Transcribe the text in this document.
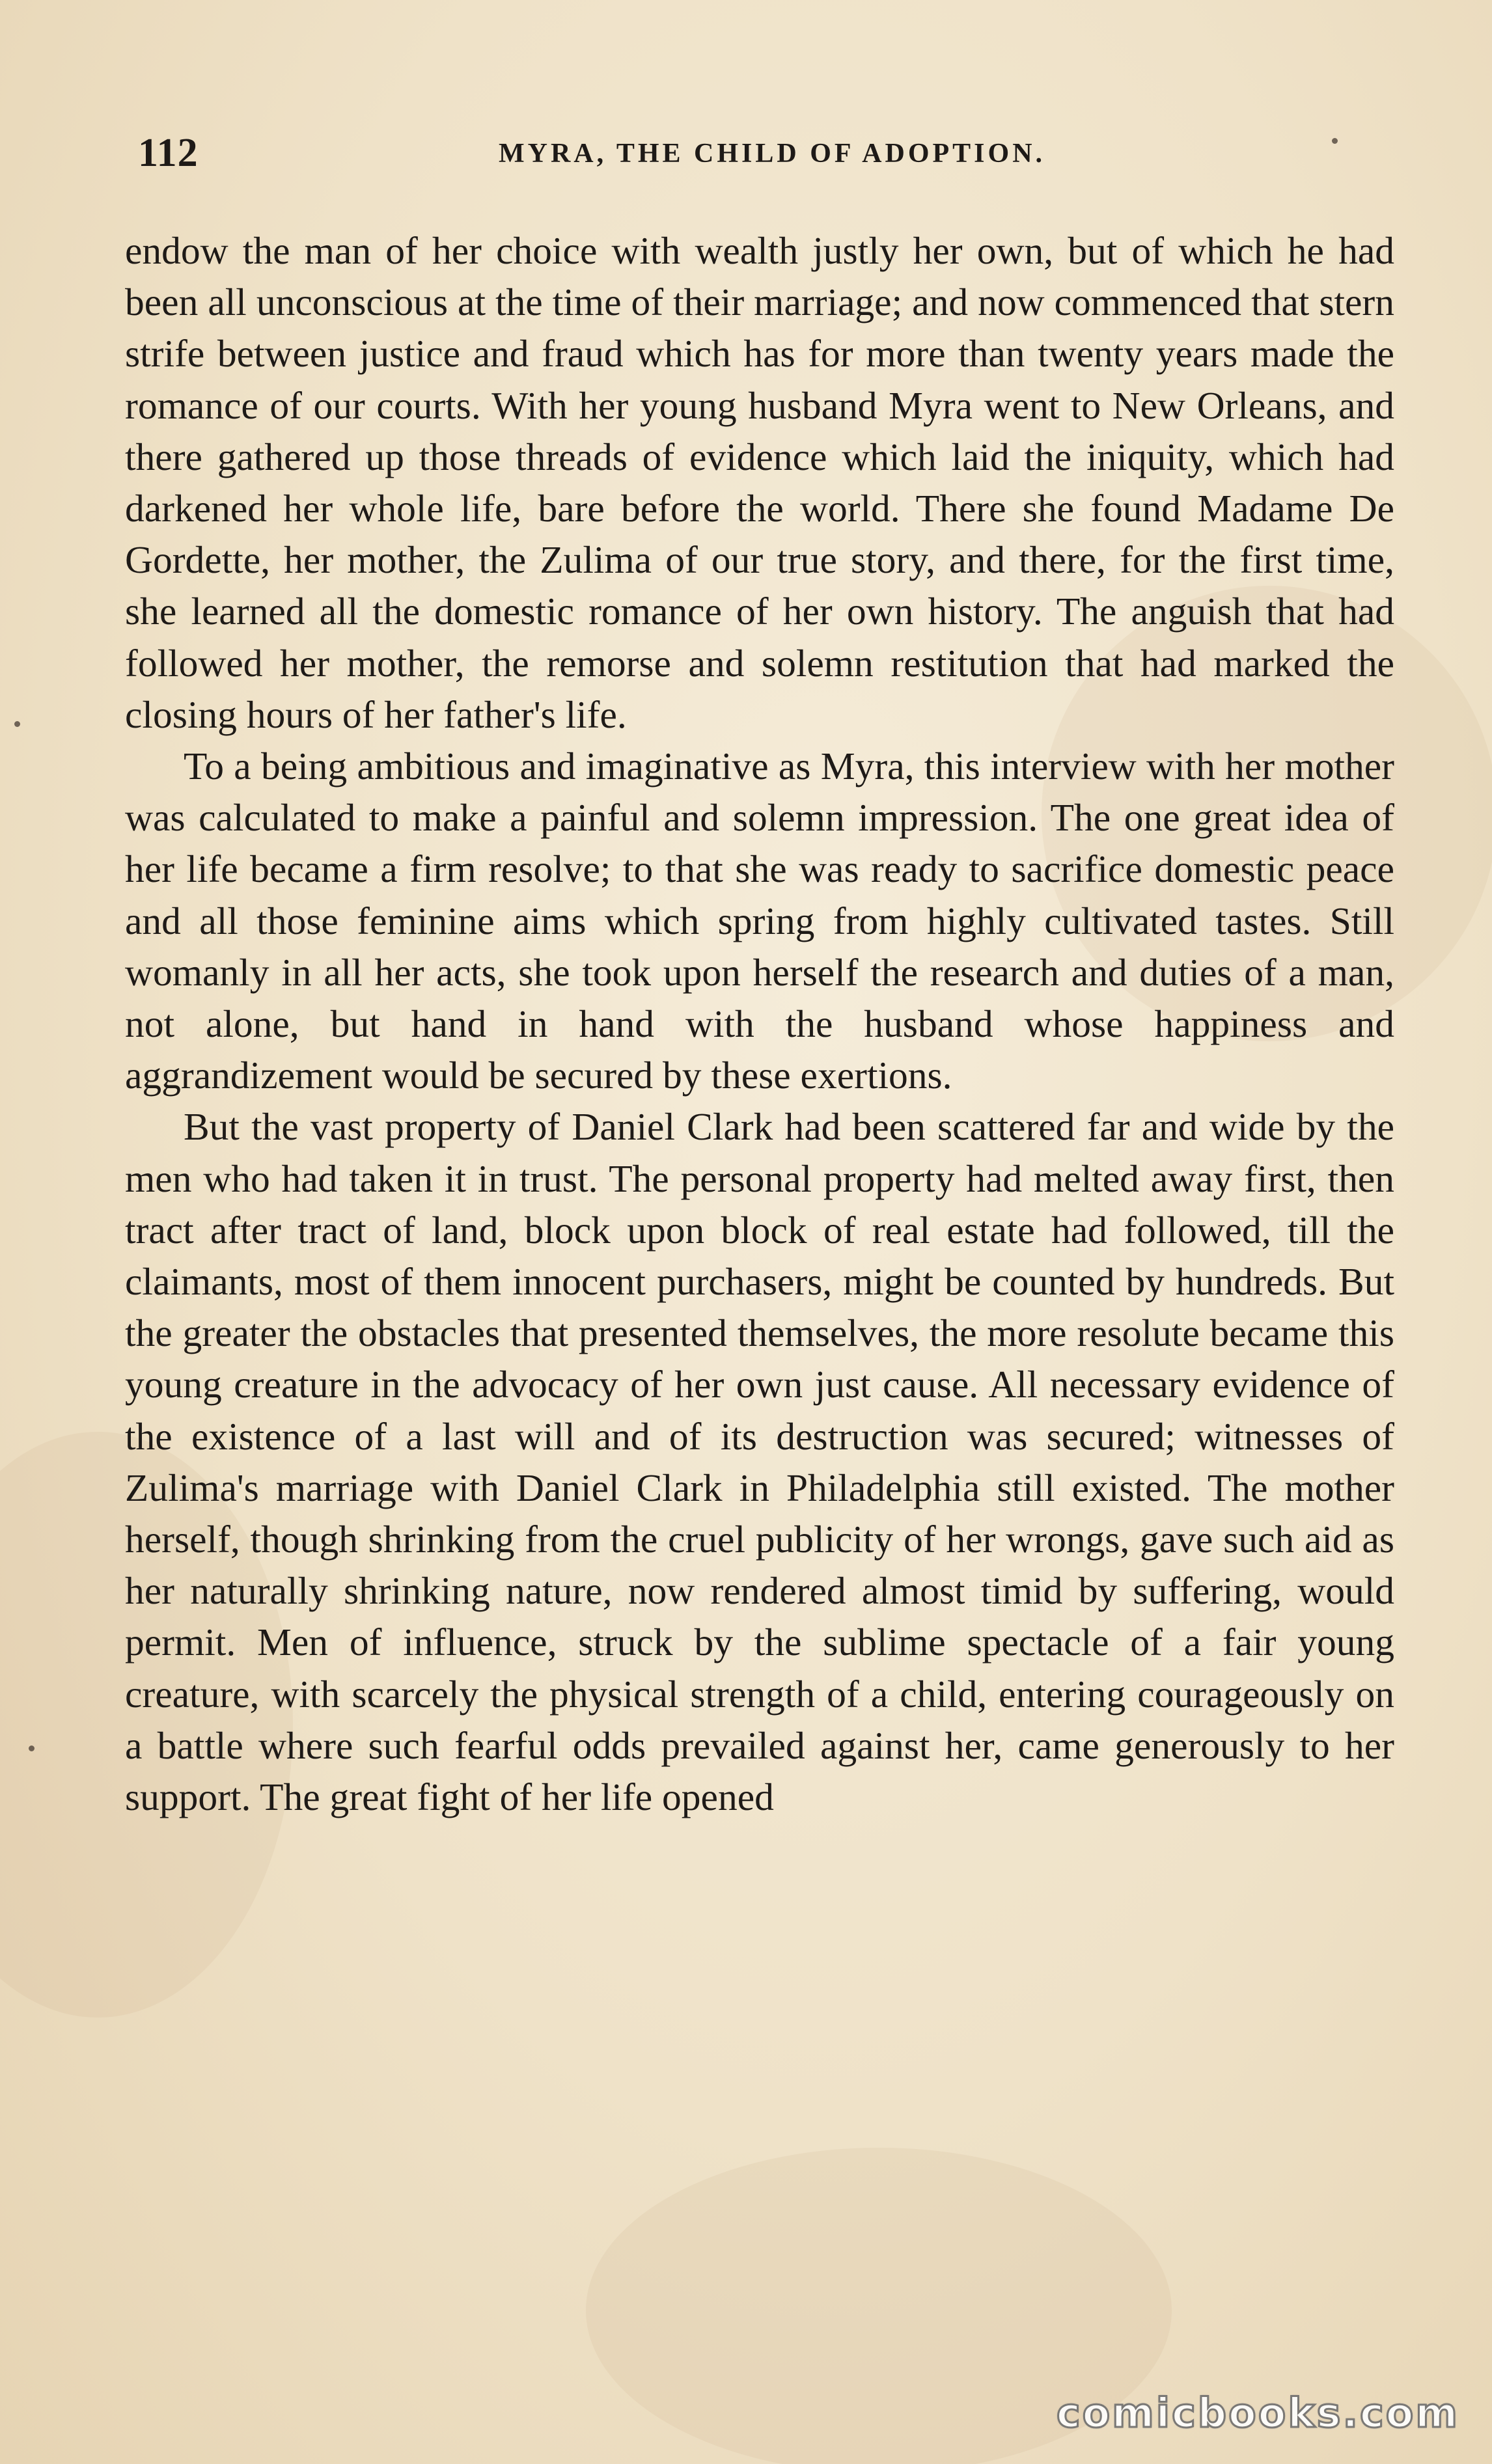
112	MYRA, THE CHILD OF ADOPTION.

endow the man of her choice with wealth justly her own, but of which he had been all unconscious at the time of their marriage; and now commenced that stern strife between justice and fraud which has for more than twenty years made the romance of our courts. With her young husband Myra went to New Orleans, and there gathered up those threads of evidence which laid the iniquity, which had darkened her whole life, bare before the world. There she found Madame De Gordette, her mother, the Zulima of our true story, and there, for the first time, she learned all the domestic romance of her own history. The anguish that had followed her mother, the remorse and solemn restitution that had marked the closing hours of her father's life.

To a being ambitious and imaginative as Myra, this interview with her mother was calculated to make a painful and solemn impression. The one great idea of her life became a firm resolve; to that she was ready to sacrifice domestic peace and all those feminine aims which spring from highly cultivated tastes. Still womanly in all her acts, she took upon herself the research and duties of a man, not alone, but hand in hand with the husband whose happiness and aggrandizement would be secured by these exertions.

But the vast property of Daniel Clark had been scattered far and wide by the men who had taken it in trust. The personal property had melted away first, then tract after tract of land, block upon block of real estate had followed, till the claimants, most of them innocent purchasers, might be counted by hundreds. But the greater the obstacles that presented themselves, the more resolute became this young creature in the advocacy of her own just cause. All necessary evidence of the existence of a last will and of its destruction was secured; witnesses of Zulima's marriage with Daniel Clark in Philadelphia still existed. The mother herself, though shrinking from the cruel publicity of her wrongs, gave such aid as her naturally shrinking nature, now rendered almost timid by suffering, would permit. Men of influence, struck by the sublime spectacle of a fair young creature, with scarcely the physical strength of a child, entering courageously on a battle where such fearful odds prevailed against her, came generously to her support. The great fight of her life opened

comicbooks.com
